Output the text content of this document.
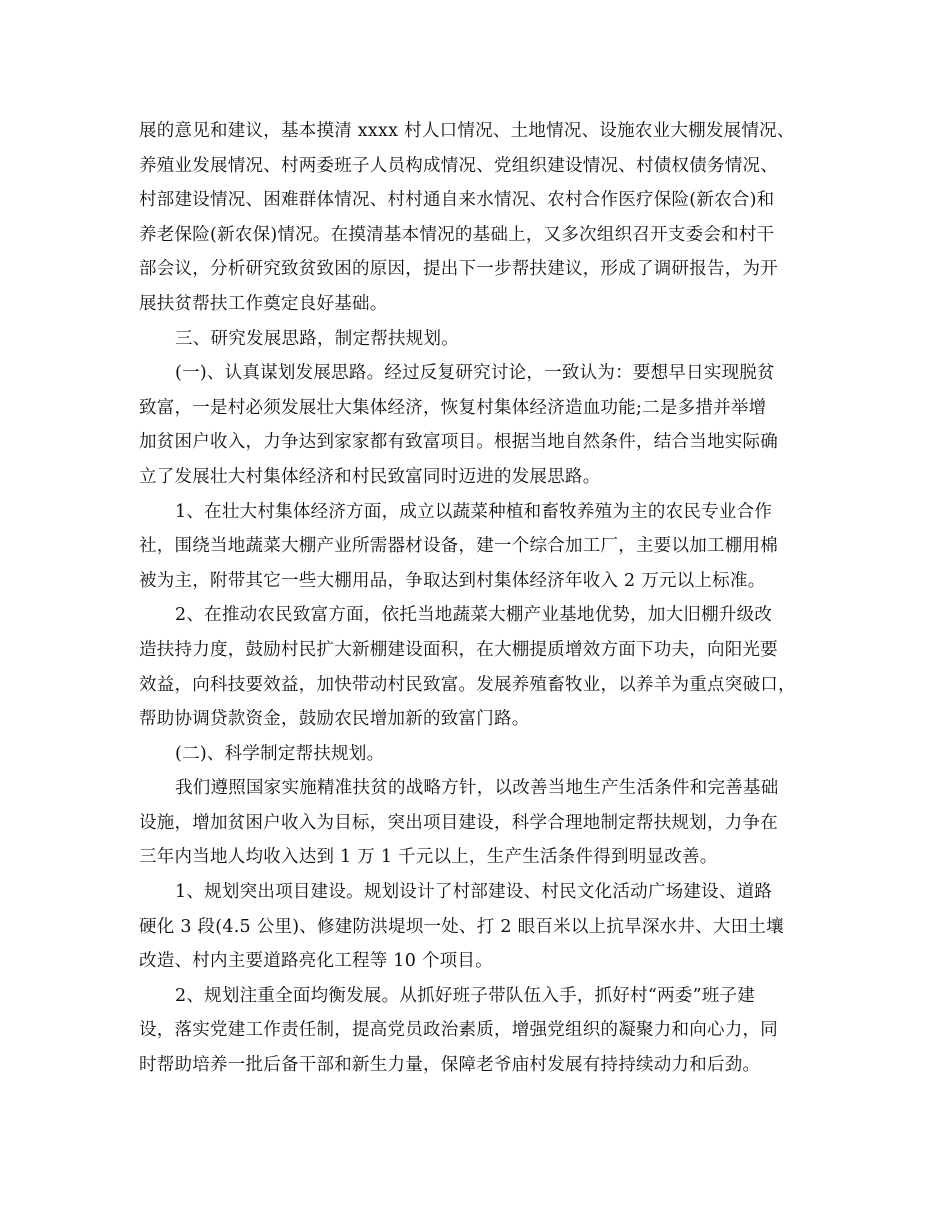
展的意见和建议，基本摸清 xxxx 村人口情况、土地情况、设施农业大棚发展情况、
养殖业发展情况、村两委班子人员构成情况、党组织建设情况、村债权债务情况、
村部建设情况、困难群体情况、村村通自来水情况、农村合作医疗保险(新农合)和
养老保险(新农保)情况。在摸清基本情况的基础上，又多次组织召开支委会和村干
部会议，分析研究致贫致困的原因，提出下一步帮扶建议，形成了调研报告，为开
展扶贫帮扶工作奠定良好基础。
三、研究发展思路，制定帮扶规划。
(一)、认真谋划发展思路。经过反复研究讨论，一致认为：要想早日实现脱贫
致富，一是村必须发展壮大集体经济，恢复村集体经济造血功能;二是多措并举增
加贫困户收入，力争达到家家都有致富项目。根据当地自然条件，结合当地实际确
立了发展壮大村集体经济和村民致富同时迈进的发展思路。
1、在壮大村集体经济方面，成立以蔬菜种植和畜牧养殖为主的农民专业合作
社，围绕当地蔬菜大棚产业所需器材设备，建一个综合加工厂，主要以加工棚用棉
被为主，附带其它一些大棚用品，争取达到村集体经济年收入 2 万元以上标准。
2、在推动农民致富方面，依托当地蔬菜大棚产业基地优势，加大旧棚升级改
造扶持力度，鼓励村民扩大新棚建设面积，在大棚提质增效方面下功夫，向阳光要
效益，向科技要效益，加快带动村民致富。发展养殖畜牧业，以养羊为重点突破口，
帮助协调贷款资金，鼓励农民增加新的致富门路。
(二)、科学制定帮扶规划。
我们遵照国家实施精准扶贫的战略方针，以改善当地生产生活条件和完善基础
设施，增加贫困户收入为目标，突出项目建设，科学合理地制定帮扶规划，力争在
三年内当地人均收入达到 1 万 1 千元以上，生产生活条件得到明显改善。
1、规划突出项目建设。规划设计了村部建设、村民文化活动广场建设、道路
硬化 3 段(4.5 公里)、修建防洪堤坝一处、打 2 眼百米以上抗旱深水井、大田土壤
改造、村内主要道路亮化工程等 10 个项目。
2、规划注重全面均衡发展。从抓好班子带队伍入手，抓好村“两委”班子建
设，落实党建工作责任制，提高党员政治素质，增强党组织的凝聚力和向心力，同
时帮助培养一批后备干部和新生力量，保障老爷庙村发展有持持续动力和后劲。
